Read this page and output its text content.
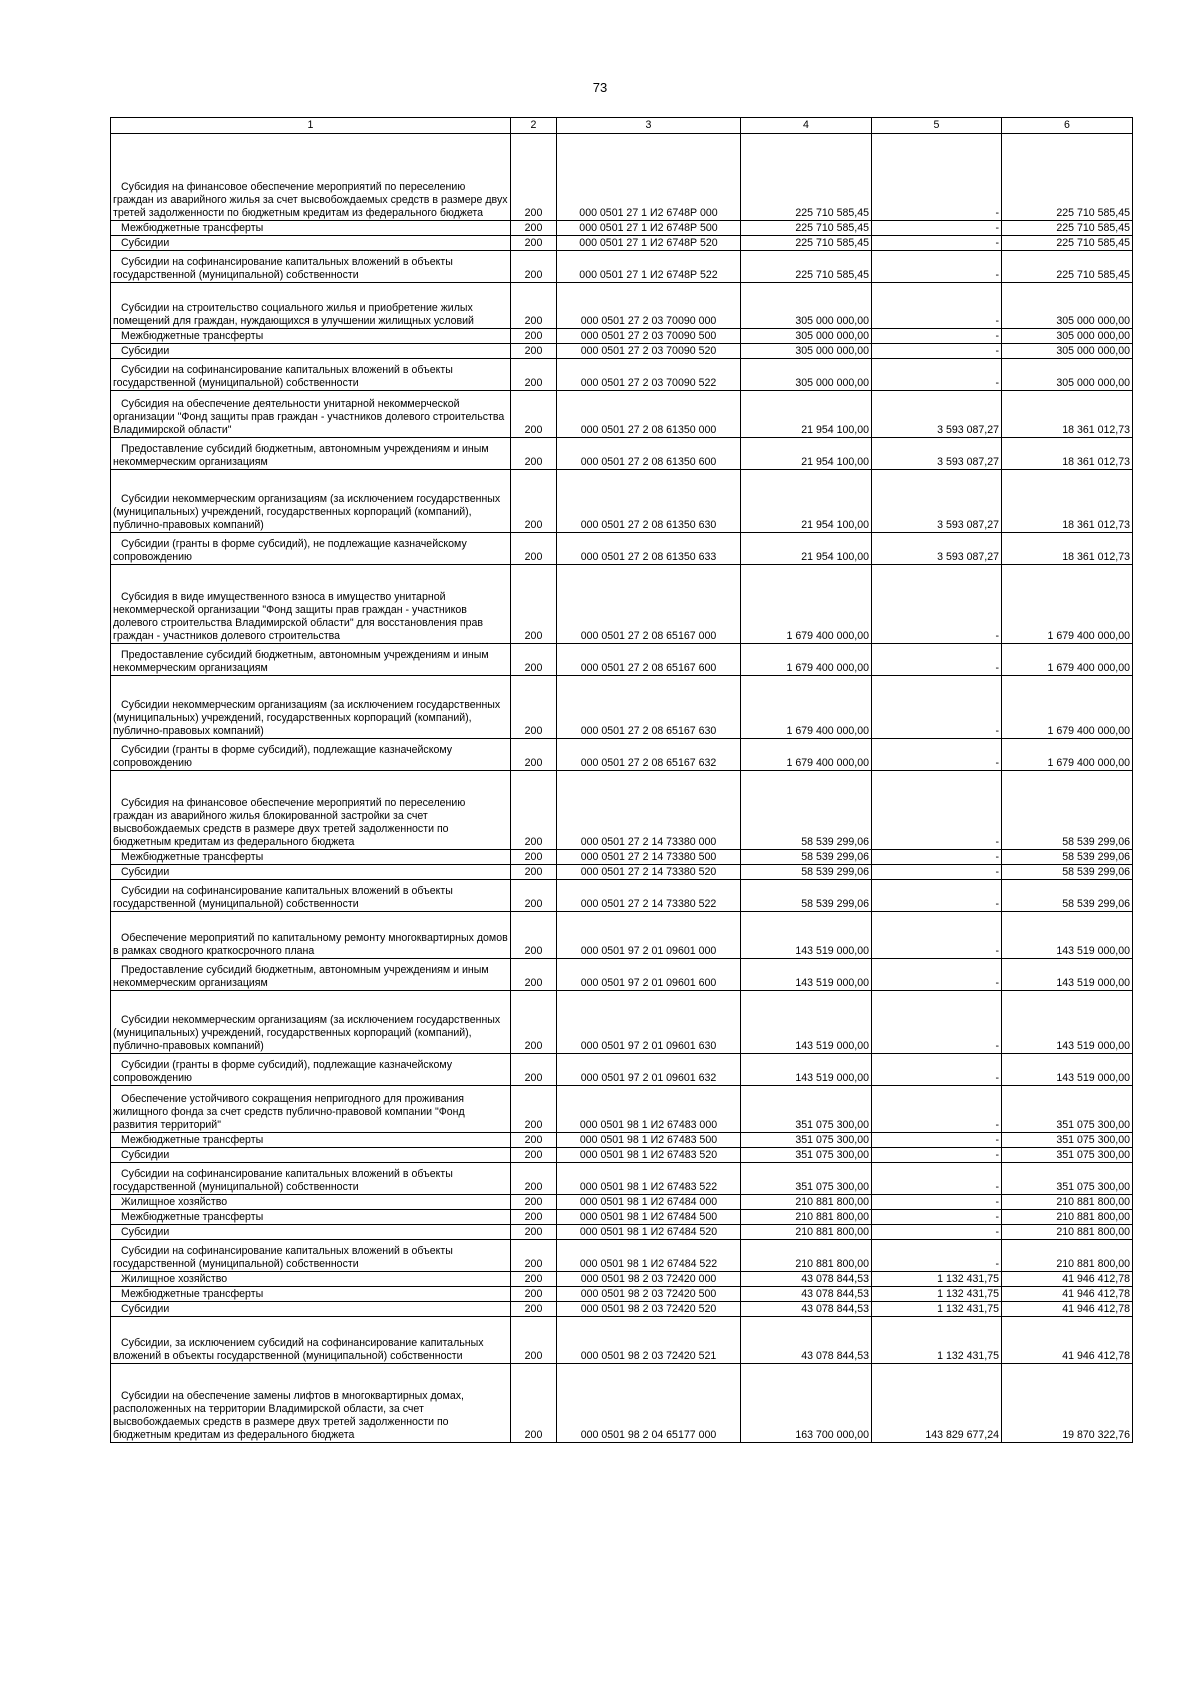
73
1	2	3	4	5	6
Субсидия на финансовое обеспечение мероприятий по переселению граждан из аварийного жилья за счет высвобождаемых средств в размере двух третей задолженности по бюджетным кредитам из федерального бюджета	200	000 0501 27 1 И2 6748Р 000	225 710 585,45	-	225 710 585,45
Межбюджетные трансферты	200	000 0501 27 1 И2 6748Р 500	225 710 585,45	-	225 710 585,45
Субсидии	200	000 0501 27 1 И2 6748Р 520	225 710 585,45	-	225 710 585,45
Субсидии на софинансирование капитальных вложений в объекты государственной (муниципальной) собственности	200	000 0501 27 1 И2 6748Р 522	225 710 585,45	-	225 710 585,45
Субсидии на строительство социального жилья и приобретение жилых помещений для граждан, нуждающихся в улучшении жилищных условий	200	000 0501 27 2 03 70090 000	305 000 000,00	-	305 000 000,00
Межбюджетные трансферты	200	000 0501 27 2 03 70090 500	305 000 000,00	-	305 000 000,00
Субсидии	200	000 0501 27 2 03 70090 520	305 000 000,00	-	305 000 000,00
Субсидии на софинансирование капитальных вложений в объекты государственной (муниципальной) собственности	200	000 0501 27 2 03 70090 522	305 000 000,00	-	305 000 000,00
Субсидия на обеспечение деятельности унитарной некоммерческой организации "Фонд защиты прав граждан - участников долевого строительства Владимирской области"	200	000 0501 27 2 08 61350 000	21 954 100,00	3 593 087,27	18 361 012,73
Предоставление субсидий бюджетным, автономным учреждениям и иным некоммерческим организациям	200	000 0501 27 2 08 61350 600	21 954 100,00	3 593 087,27	18 361 012,73
Субсидии некоммерческим организациям (за исключением государственных (муниципальных) учреждений, государственных корпораций (компаний), публично-правовых компаний)	200	000 0501 27 2 08 61350 630	21 954 100,00	3 593 087,27	18 361 012,73
Субсидии (гранты в форме субсидий), не подлежащие казначейскому сопровождению	200	000 0501 27 2 08 61350 633	21 954 100,00	3 593 087,27	18 361 012,73
Субсидия в виде имущественного взноса в имущество унитарной некоммерческой организации "Фонд защиты прав граждан - участников долевого строительства Владимирской области" для восстановления прав граждан - участников долевого строительства	200	000 0501 27 2 08 65167 000	1 679 400 000,00	-	1 679 400 000,00
Предоставление субсидий бюджетным, автономным учреждениям и иным некоммерческим организациям	200	000 0501 27 2 08 65167 600	1 679 400 000,00	-	1 679 400 000,00
Субсидии некоммерческим организациям (за исключением государственных (муниципальных) учреждений, государственных корпораций (компаний), публично-правовых компаний)	200	000 0501 27 2 08 65167 630	1 679 400 000,00	-	1 679 400 000,00
Субсидии (гранты в форме субсидий), подлежащие казначейскому сопровождению	200	000 0501 27 2 08 65167 632	1 679 400 000,00	-	1 679 400 000,00
Субсидия на финансовое обеспечение мероприятий по переселению граждан из аварийного жилья блокированной застройки за счет высвобождаемых средств в размере двух третей задолженности по бюджетным кредитам из федерального бюджета	200	000 0501 27 2 14 73380 000	58 539 299,06	-	58 539 299,06
Межбюджетные трансферты	200	000 0501 27 2 14 73380 500	58 539 299,06	-	58 539 299,06
Субсидии	200	000 0501 27 2 14 73380 520	58 539 299,06	-	58 539 299,06
Субсидии на софинансирование капитальных вложений в объекты государственной (муниципальной) собственности	200	000 0501 27 2 14 73380 522	58 539 299,06	-	58 539 299,06
Обеспечение мероприятий по капитальному ремонту многоквартирных домов в рамках сводного краткосрочного плана	200	000 0501 97 2 01 09601 000	143 519 000,00	-	143 519 000,00
Предоставление субсидий бюджетным, автономным учреждениям и иным некоммерческим организациям	200	000 0501 97 2 01 09601 600	143 519 000,00	-	143 519 000,00
Субсидии некоммерческим организациям (за исключением государственных (муниципальных) учреждений, государственных корпораций (компаний), публично-правовых компаний)	200	000 0501 97 2 01 09601 630	143 519 000,00	-	143 519 000,00
Субсидии (гранты в форме субсидий), подлежащие казначейскому сопровождению	200	000 0501 97 2 01 09601 632	143 519 000,00	-	143 519 000,00
Обеспечение устойчивого сокращения непригодного для проживания жилищного фонда за счет средств публично-правовой компании "Фонд развития территорий"	200	000 0501 98 1 И2 67483 000	351 075 300,00	-	351 075 300,00
Межбюджетные трансферты	200	000 0501 98 1 И2 67483 500	351 075 300,00	-	351 075 300,00
Субсидии	200	000 0501 98 1 И2 67483 520	351 075 300,00	-	351 075 300,00
Субсидии на софинансирование капитальных вложений в объекты государственной (муниципальной) собственности	200	000 0501 98 1 И2 67483 522	351 075 300,00	-	351 075 300,00
Жилищное хозяйство	200	000 0501 98 1 И2 67484 000	210 881 800,00	-	210 881 800,00
Межбюджетные трансферты	200	000 0501 98 1 И2 67484 500	210 881 800,00	-	210 881 800,00
Субсидии	200	000 0501 98 1 И2 67484 520	210 881 800,00	-	210 881 800,00
Субсидии на софинансирование капитальных вложений в объекты государственной (муниципальной) собственности	200	000 0501 98 1 И2 67484 522	210 881 800,00	-	210 881 800,00
Жилищное хозяйство	200	000 0501 98 2 03 72420 000	43 078 844,53	1 132 431,75	41 946 412,78
Межбюджетные трансферты	200	000 0501 98 2 03 72420 500	43 078 844,53	1 132 431,75	41 946 412,78
Субсидии	200	000 0501 98 2 03 72420 520	43 078 844,53	1 132 431,75	41 946 412,78
Субсидии, за исключением субсидий на софинансирование капитальных вложений в объекты государственной (муниципальной) собственности	200	000 0501 98 2 03 72420 521	43 078 844,53	1 132 431,75	41 946 412,78
Субсидии на обеспечение замены лифтов в многоквартирных домах, расположенных на территории Владимирской области, за счет высвобождаемых средств в размере двух третей задолженности по бюджетным кредитам из федерального бюджета	200	000 0501 98 2 04 65177 000	163 700 000,00	143 829 677,24	19 870 322,76
